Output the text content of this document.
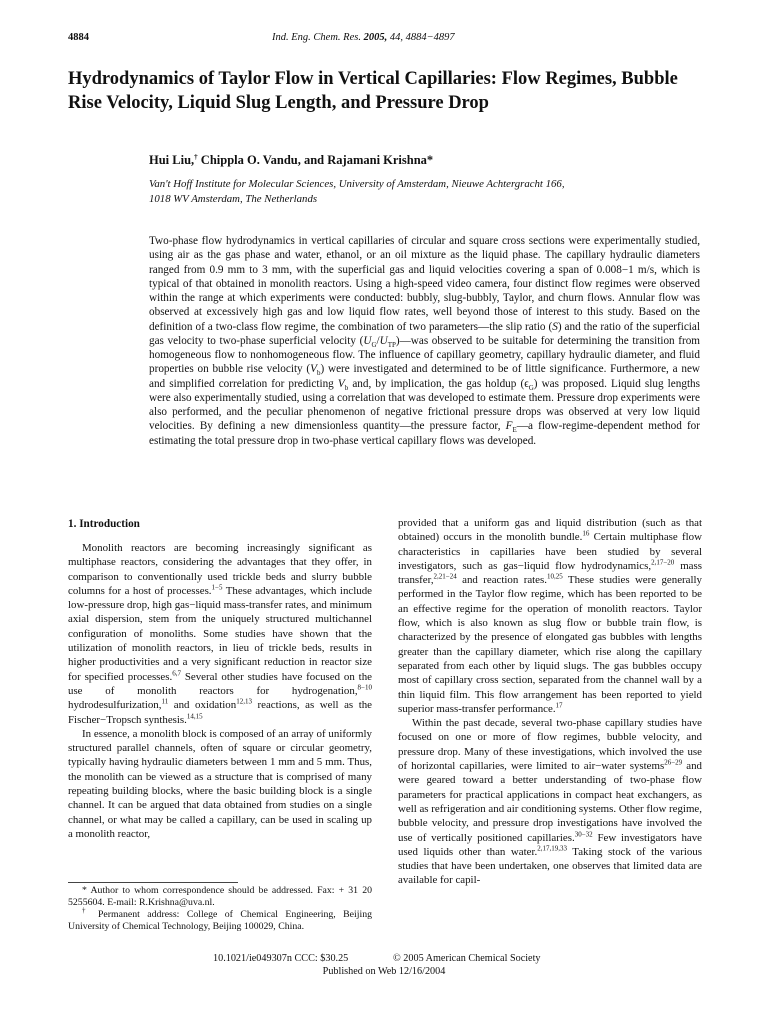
4884	Ind. Eng. Chem. Res. 2005, 44, 4884−4897
Hydrodynamics of Taylor Flow in Vertical Capillaries: Flow Regimes, Bubble Rise Velocity, Liquid Slug Length, and Pressure Drop
Hui Liu,† Chippla O. Vandu, and Rajamani Krishna*
Van't Hoff Institute for Molecular Sciences, University of Amsterdam, Nieuwe Achtergracht 166,
1018 WV Amsterdam, The Netherlands

Two-phase flow hydrodynamics in vertical capillaries of circular and square cross sections were experimentally studied, using air as the gas phase and water, ethanol, or an oil mixture as the liquid phase. The capillary hydraulic diameters ranged from 0.9 mm to 3 mm, with the superficial gas and liquid velocities covering a span of 0.008−1 m/s, which is typical of that obtained in monolith reactors. Using a high-speed video camera, four distinct flow regimes were observed within the range at which experiments were conducted: bubbly, slug-bubbly, Taylor, and churn flows. Annular flow was observed at excessively high gas and low liquid flow rates, well beyond those of interest to this study. Based on the definition of a two-class flow regime, the combination of two parameters—the slip ratio (S) and the ratio of the superficial gas velocity to two-phase superficial velocity $(U_G/U_{TP})—was$ observed to be suitable for determining the transition from homogeneous flow to nonhomogeneous flow. The influence of capillary geometry, capillary hydraulic diameter, and fluid properties on bubble rise velocity $(V_b)$ were investigated and determined to be of little significance. Furthermore, a new and simplified correlation for predicting $V_b$ and, by implication, the gas holdup $(\epsilon_G)$ was proposed. Liquid slug lengths were also experimentally studied, using a correlation that was developed to estimate them. Pressure drop experiments were also performed, and the peculiar phenomenon of negative frictional pressure drops was observed at very low liquid velocities. By defining a new dimensionless quantity—the pressure factor, $F_E—a$ flow-regime-dependent method for estimating the total pressure drop in two-phase vertical capillary flows was developed.

1. Introduction

Monolith reactors are becoming increasingly significant as multiphase reactors, considering the advantages that they offer, in comparison to conventionally used trickle beds and slurry bubble columns for a host of processes.$^{1-5}$ These advantages, which include low-pressure drop, high gas−liquid mass-transfer rates, and minimum axial dispersion, stem from the uniquely structured multichannel configuration of monoliths. Some studies have shown that the utilization of monolith reactors, in lieu of trickle beds, results in higher productivities and a very significant reduction in reactor size for specified processes.$^{6,7}$ Several other studies have focused on the use of monolith reactors for hydrogenation,$^{8-10}$ hydrodesulfurization,$^{11}$ and oxidation$^{12,13}$ reactions, as well as the Fischer−Tropsch synthesis.$^{14,15}$

In essence, a monolith block is composed of an array of uniformly structured parallel channels, often of square or circular geometry, typically having hydraulic diameters between 1 mm and 5 mm. Thus, the monolith can be viewed as a structure that is comprised of many repeating building blocks, where the basic building block is a single channel. It can be argued that data obtained from studies on a single channel, or what may be called a capillary, can be used in scaling up a monolith reactor,

provided that a uniform gas and liquid distribution (such as that obtained) occurs in the monolith bundle.$^{16}$ Certain multiphase flow characteristics in capillaries have been studied by several investigators, such as gas−liquid flow hydrodynamics,$^{2,17-20}$ mass transfer,$^{2,21-24}$ and reaction rates.$^{10,25}$ These studies were generally performed in the Taylor flow regime, which has been reported to be an effective regime for the operation of monolith reactors. Taylor flow, which is also known as slug flow or bubble train flow, is characterized by the presence of elongated gas bubbles with lengths greater than the capillary diameter, which rise along the capillary separated from each other by liquid slugs. The gas bubbles occupy most of capillary cross section, separated from the channel wall by a thin liquid film. This flow arrangement has been reported to yield superior mass-transfer performance.$^{17}$

Within the past decade, several two-phase capillary studies have focused on one or more of flow regimes, bubble velocity, and pressure drop. Many of these investigations, which involved the use of horizontal capillaries, were limited to air−water systems$^{26-29}$ and were geared toward a better understanding of two-phase flow parameters for practical applications in compact heat exchangers, as well as refrigeration and air conditioning systems. Other flow regime, bubble velocity, and pressure drop investigations have involved the use of vertically positioned capillaries.$^{30-32}$ Few investigators have used liquids other than water.$^{2,17,19,33}$ Taking stock of the various studies that have been undertaken, one observes that limited data are available for capil-

* Author to whom correspondence should be addressed. Fax: + 31 20 5255604. E-mail: R.Krishna@uva.nl.

† Permanent address: College of Chemical Engineering, Beijing University of Chemical Technology, Beijing 100029, China.

10.1021/ie049307n CCC: $30.25	© 2005 American Chemical Society
Published on Web 12/16/2004
